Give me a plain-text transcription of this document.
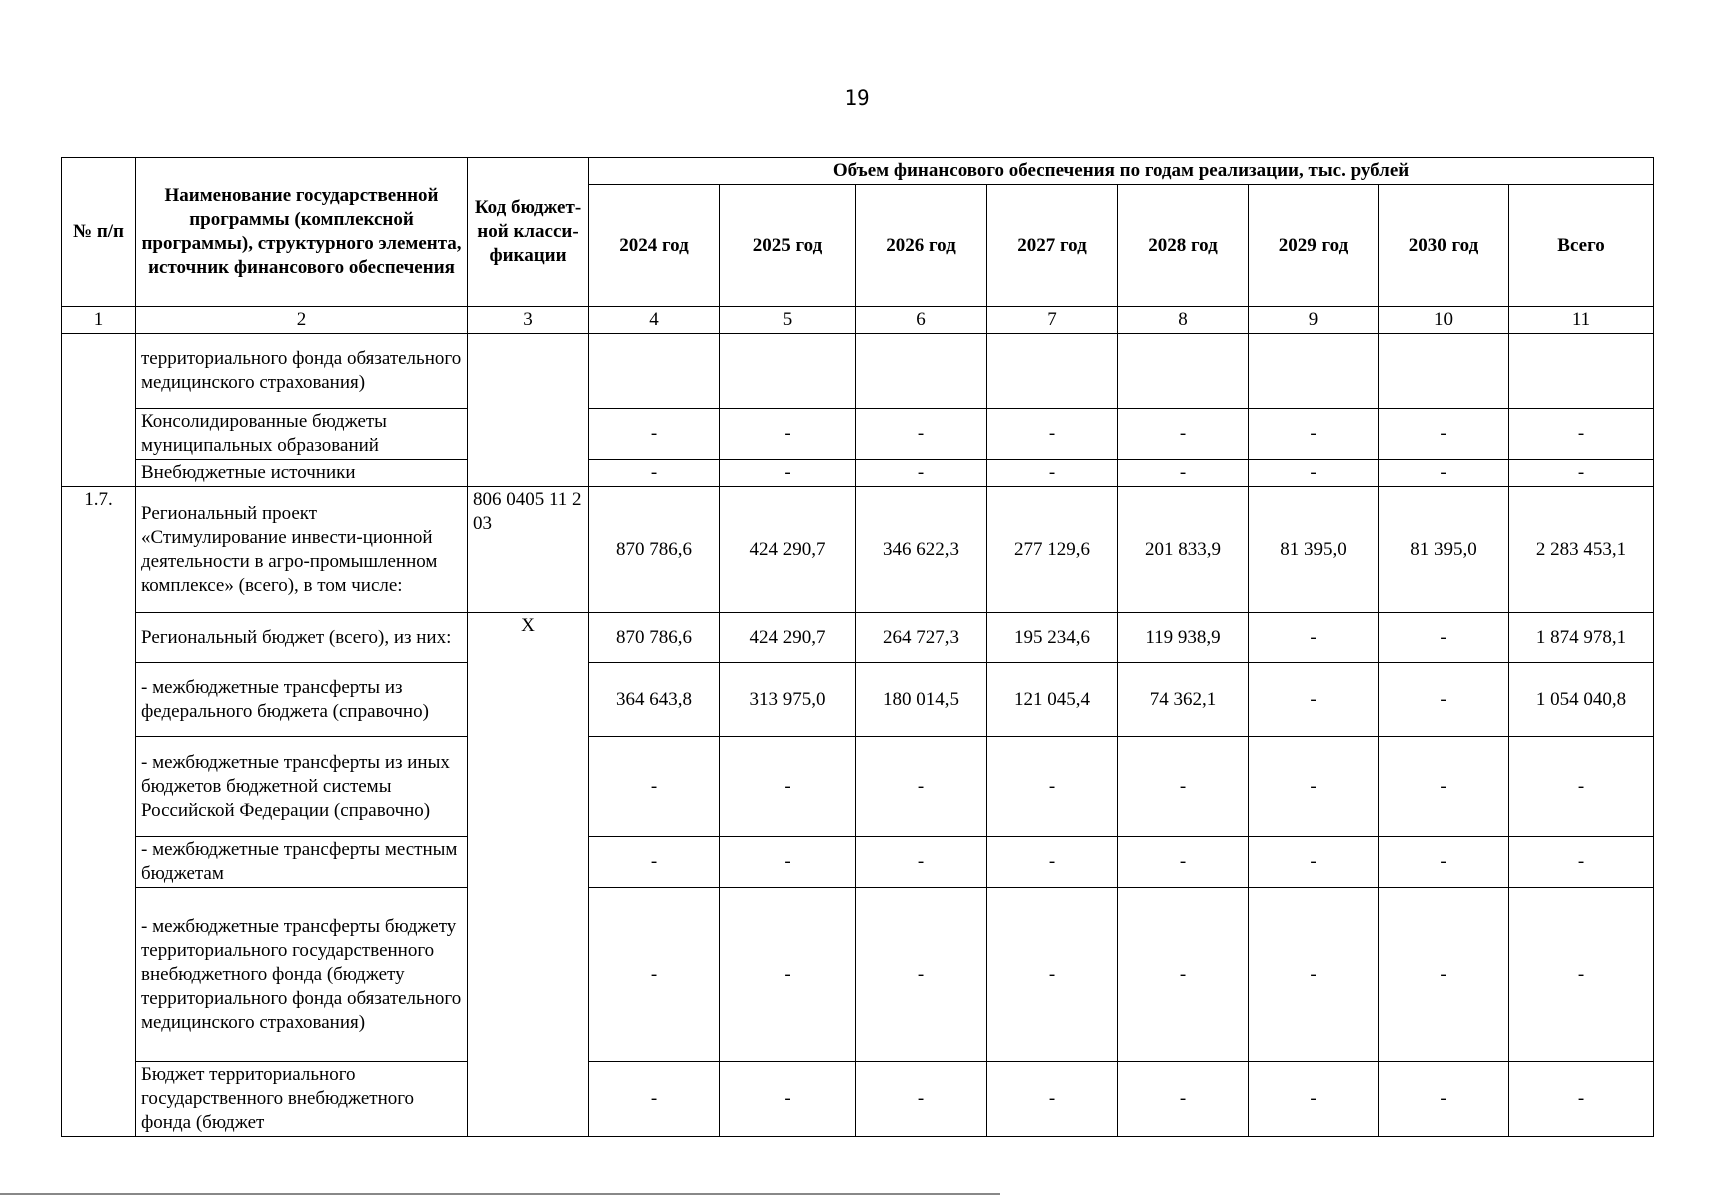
19
№ п/п	Наименование государственной программы (комплексной программы), структурного элемента, источник финансового обеспечения	Код бюджет-ной класси-фикации	Объем финансового обеспечения по годам реализации, тыс. рублей							
			2024 год	2025 год	2026 год	2027 год	2028 год	2029 год	2030 год	Всего
1	2	3	4	5	6	7	8	9	10	11
	территориального фонда обязательного медицинского страхования)									
	Консолидированные бюджеты муниципальных образований		-	-	-	-	-	-	-	-
	Внебюджетные источники		-	-	-	-	-	-	-	-
1.7.	Региональный проект «Стимулирование инвести-ционной деятельности в агро-промышленном комплексе» (всего), в том числе:	806 0405 11 2 03	870 786,6	424 290,7	346 622,3	277 129,6	201 833,9	81 395,0	81 395,0	2 283 453,1
	Региональный бюджет (всего), из них:	Х	870 786,6	424 290,7	264 727,3	195 234,6	119 938,9	-	-	1 874 978,1
	- межбюджетные трансферты из федерального бюджета (справочно)		364 643,8	313 975,0	180 014,5	121 045,4	74 362,1	-	-	1 054 040,8
	- межбюджетные трансферты из иных бюджетов бюджетной системы Российской Федерации (справочно)		-	-	-	-	-	-	-	-
	- межбюджетные трансферты местным бюджетам		-	-	-	-	-	-	-	-
	- межбюджетные трансферты бюджету территориального государственного внебюджетного фонда (бюджету территориального фонда обязательного медицинского страхования)		-	-	-	-	-	-	-	-
	Бюджет территориального государственного внебюджетного фонда (бюджет		-	-	-	-	-	-	-	-
